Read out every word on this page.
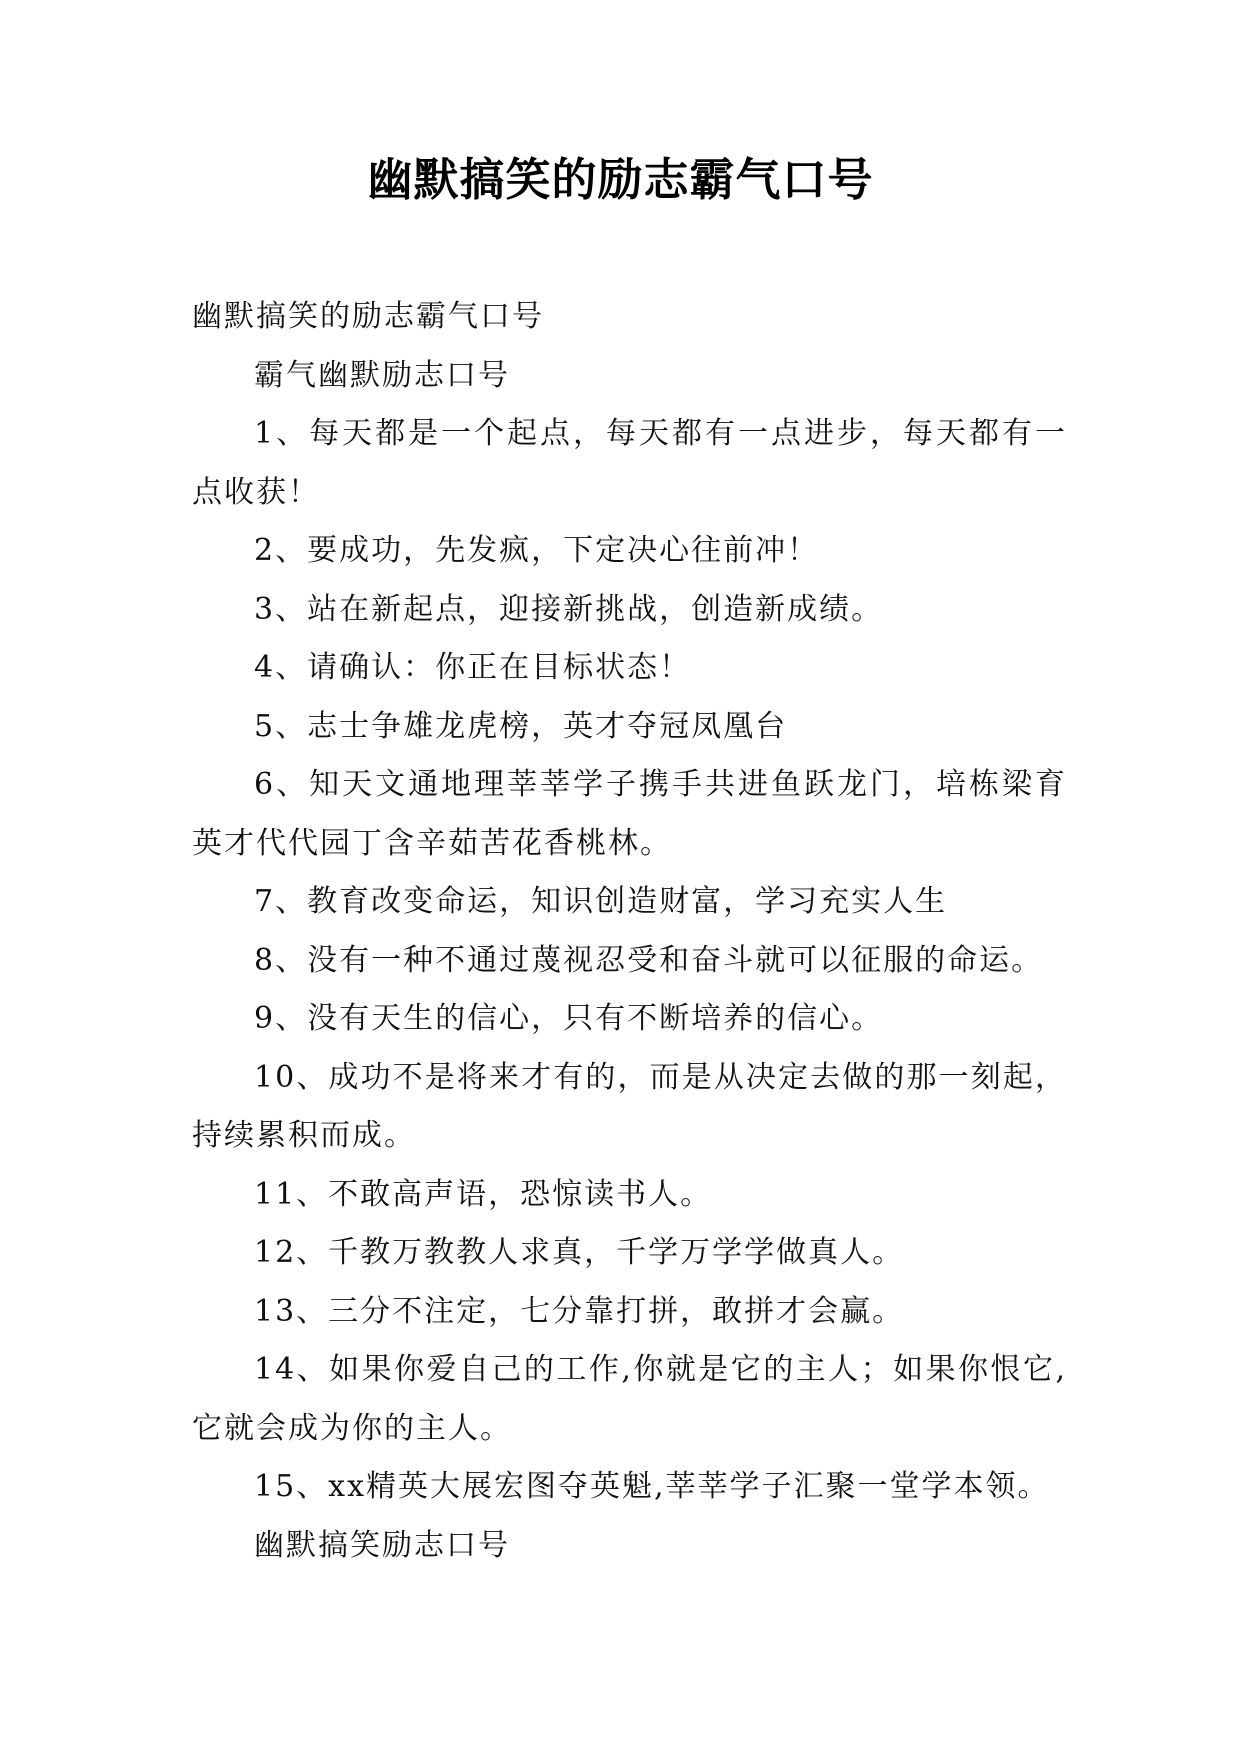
幽默搞笑的励志霸气口号

幽默搞笑的励志霸气口号

霸气幽默励志口号

1、每天都是一个起点，每天都有一点进步，每天都有一点收获！

2、要成功，先发疯，下定决心往前冲！

3、站在新起点，迎接新挑战，创造新成绩。

4、请确认：你正在目标状态！

5、志士争雄龙虎榜，英才夺冠凤凰台

6、知天文通地理莘莘学子携手共进鱼跃龙门，培栋梁育英才代代园丁含辛茹苦花香桃林。

7、教育改变命运，知识创造财富，学习充实人生

8、没有一种不通过蔑视忍受和奋斗就可以征服的命运。

9、没有天生的信心，只有不断培养的信心。

10、成功不是将来才有的，而是从决定去做的那一刻起，持续累积而成。

11、不敢高声语，恐惊读书人。

12、千教万教教人求真，千学万学学做真人。

13、三分不注定，七分靠打拼，敢拼才会赢。

14、如果你爱自己的工作,你就是它的主人；如果你恨它,它就会成为你的主人。

15、xx精英大展宏图夺英魁,莘莘学子汇聚一堂学本领。

幽默搞笑励志口号
